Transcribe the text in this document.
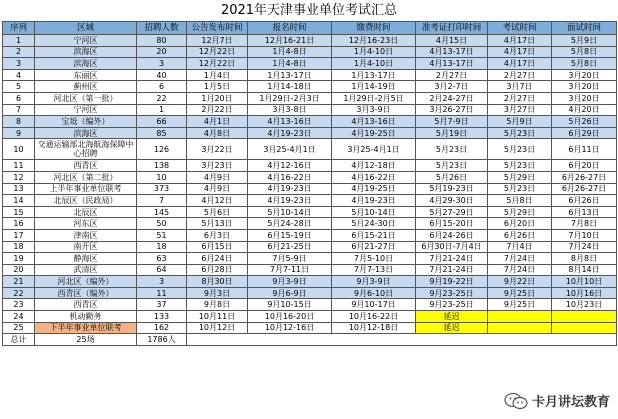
2021年天津事业单位考试汇总
序列	区域	招聘人数	公告发布时间	报名时间	缴费时间	准考证打印时间	考试时间	面试时间
1	宁河区	80	12月7日	12月16-21日	12月16-23日	4月15日	4月17日	5月9日
2	滨海区	20	12月22日	1月4-8日	1月4-10日	4月13-17日	4月17日	5月8日
3	滨海区	3	12月22日	1月4-8日	1月4-10日	4月13-17日	4月17日	5月8日
4	东丽区	40	1月4日	1月13-17日	1月13-17日	2月27日	2月27日	3月20日
5	蓟州区	6	1月5日	1月14-18日	1月14-19日	3月2-7日	3月7日	3月20日
6	河北区（第一批）	22	1月20日	1月29日-2月3日	1月29日-2月5日	2月24-27日	2月27日	3月20日
7	宁河区	1	2月22日	3月3-8日	3月3-9日	3月26-27日	3月27日	4月20日
8	宝坻（编外）	66	4月1日	4月13-16日	4月13-16日	5月7-9日	5月9日	5月26日
9	滨海区	85	4月8日	4月19-23日	4月19-25日	5月19日	5月23日	6月29日
10	交通运输部北海航海保障中心招聘	126	3月22日	3月25-4月1日	3月25-4月1日	5月23日	5月23日	6月11日
11	西青区	138	3月23日	4月12-16日	4月12-18日	5月23日	5月23日	6月20日
12	河北区（第二批）	10	4月9日	4月16-22日	4月16-22日	5月26日	5月29日	6月26-27日
13	上半年事业单位联考	373	4月9日	4月19-23日	4月19-25日	5月19-23日	5月23日	6月26-27日
14	北辰区（民政局）	7	4月12日	4月19-23日	4月19-23日	4月29-30日	5月8日	6月26日
15	北辰区	145	5月6日	5月10-14日	5月10-14日	5月27-29日	5月29日	6月13日
16	河东区	50	5月13日	5月24-28日	5月24-30日	6月15-20日	6月20日	7月8日
17	津南区	51	6月3日	6月15-19日	6月15-21日	6月24-26日	6月26日	7月10日
18	南开区	18	6月15日	6月21-25日	6月21-27日	6月30日-7月4日	7月4日	7月24日
19	静海区	63	6月24日	7月5-9日	7月5-10日	7月21-24日	7月24日	8月8日
20	武清区	64	6月28日	7月7-11日	7月7-13日	7月21-24日	7月24日	8月14日
21	河北区（编外）	3	8月30日	9月3-9日	9月3-9日	9月19-22日	9月22日	10月10日
22	西青区（编外）	11	9月3日	9月6-9日	9月6-10日	9月23-25日	9月25日	10月16日
23	西青区	37	9月8日	9月10-15日	9月10-17日	9月23-25日	9月25日	10月23日
24	机动勤务	133	10月11日	10月16-20日	10月16-22日	延迟		
25	下半年事业单位联考	162	10月12日	10月12-16日	10月12-18日	延迟		
总计	25场	1786人						
卡月讲坛教育
